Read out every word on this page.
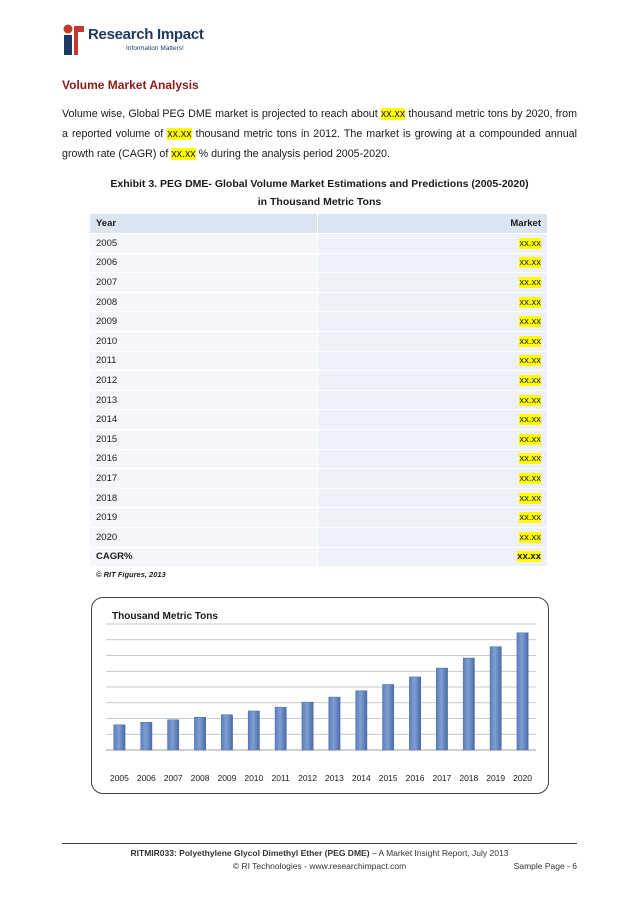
Research Impact
Information Matters!
Volume Market Analysis

Volume wise, Global PEG DME market is projected to reach about xx.xx thousand metric tons by 2020, from a reported volume of xx.xx thousand metric tons in 2012. The market is growing at a compounded annual growth rate (CAGR) of xx.xx % during the analysis period 2005-2020.

Exhibit 3. PEG DME- Global Volume Market Estimations and Predictions (2005-2020)
in Thousand Metric Tons
Year	Market
2005	xx.xx
2006	xx.xx
2007	xx.xx
2008	xx.xx
2009	xx.xx
2010	xx.xx
2011	xx.xx
2012	xx.xx
2013	xx.xx
2014	xx.xx
2015	xx.xx
2016	xx.xx
2017	xx.xx
2018	xx.xx
2019	xx.xx
2020	xx.xx
CAGR%	xx.xx
© RIT Figures, 2013	
Thousand Metric Tons
2005 2006 2007 2008 2009 2010 2011 2012 2013 2014 2015 2016 2017 2018 2019 2020
RITMIR033: Polyethylene Glycol Dimethyl Ether (PEG DME) – A Market Insight Report, July 2013
© RI Technologies - www.researchimpact.com	Sample Page - 6
